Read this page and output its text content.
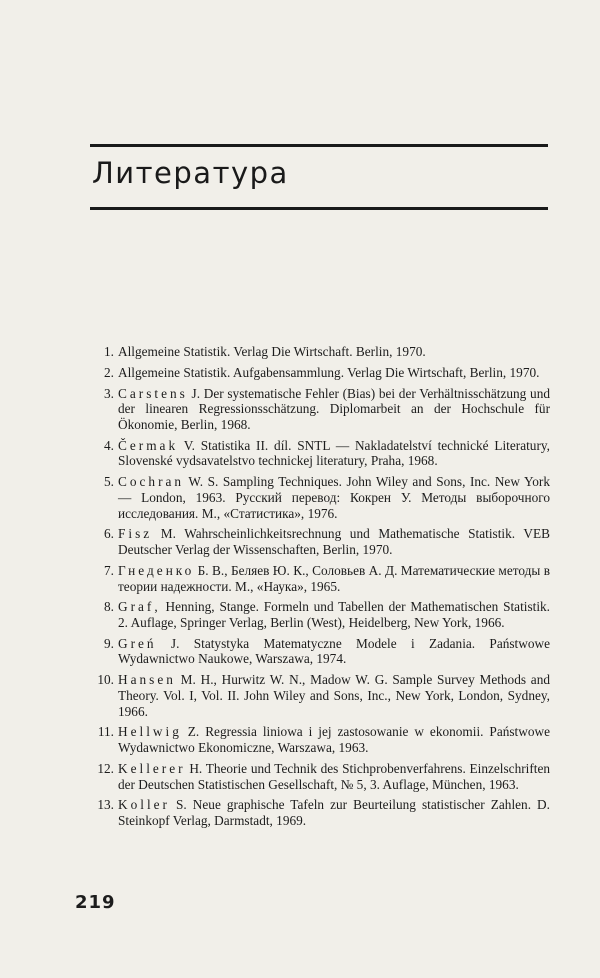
Литература
1. Allgemeine Statistik. Verlag Die Wirtschaft. Berlin, 1970.
2. Allgemeine Statistik. Aufgabensammlung. Verlag Die Wirtschaft, Berlin, 1970.
3. Carstens J. Der systematische Fehler (Bias) bei der Verhältnisschätzung und der linearen Regressionsschätzung. Diplomarbeit an der Hochschule für Ökonomie, Berlin, 1968.
4. Čermak V. Statistika II. díl. SNTL — Nakladatelství technické Literatury, Slovenské vydsavatelstvo technickej literatury, Praha, 1968.
5. Cochran W. S. Sampling Techniques. John Wiley and Sons, Inc. New York — London, 1963. Русский перевод: Кокрен У. Методы выборочного исследования. М., «Статистика», 1976.
6. Fisz M. Wahrscheinlichkeitsrechnung und Mathematische Statistik. VEB Deutscher Verlag der Wissenschaften, Berlin, 1970.
7. Гнеденко Б. В., Беляев Ю. К., Соловьев А. Д. Математические методы в теории надежности. М., «Наука», 1965.
8. Graf, Henning, Stange. Formeln und Tabellen der Mathematischen Statistik. 2. Auflage, Springer Verlag, Berlin (West), Heidelberg, New York, 1966.
9. Greń J. Statystyka Matematyczne Modele i Zadania. Państwowe Wydawnictwo Naukowe, Warszawa, 1974.
10. Hansen M. H., Hurwitz W. N., Madow W. G. Sample Survey Methods and Theory. Vol. I, Vol. II. John Wiley and Sons, Inc., New York, London, Sydney, 1966.
11. Hellwig Z. Regressia liniowa i jej zastosowanie w ekonomii. Państwowe Wydawnictwo Ekonomiczne, Warszawa, 1963.
12. Kellerer H. Theorie und Technik des Stichprobenverfahrens. Einzelschriften der Deutschen Statistischen Gesellschaft, № 5, 3. Auflage, München, 1963.
13. Koller S. Neue graphische Tafeln zur Beurteilung statistischer Zahlen. D. Steinkopf Verlag, Darmstadt, 1969.
219
